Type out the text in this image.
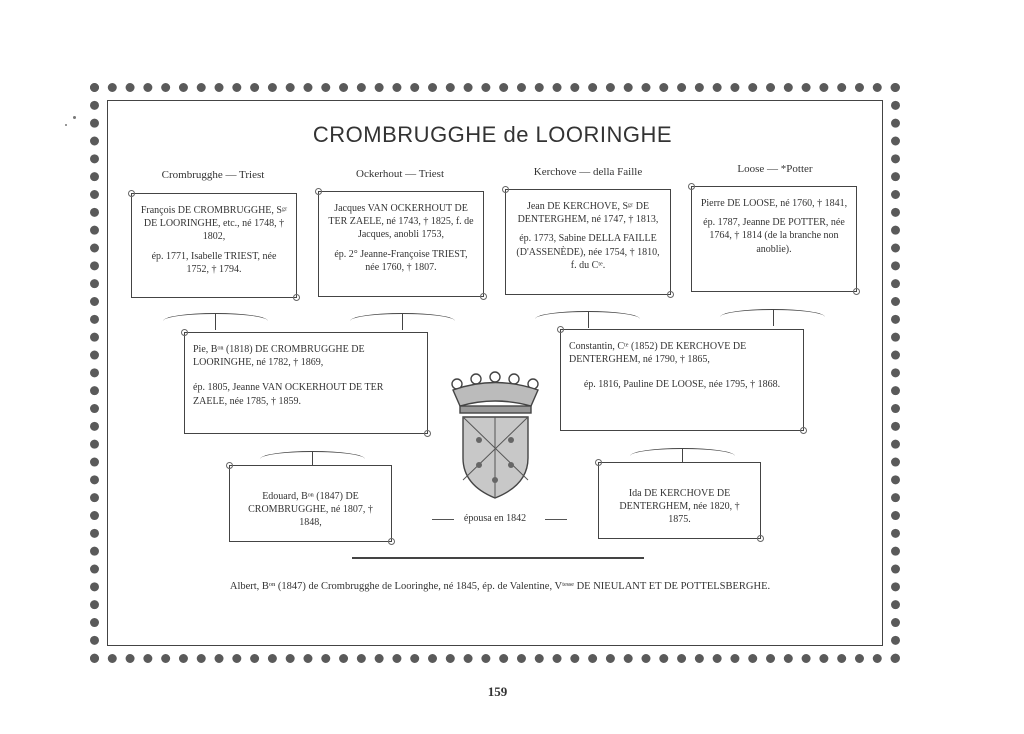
CROMBRUGGHE de LOORINGHE
Crombrugghe — Triest	Ockerhout — Triest	Kerchove — della Faille	Loose — *Potter

François DE CROMBRUGGHE, Sᵍʳ DE LOORINGHE, etc., né 1748, † 1802,

ép. 1771, Isabelle TRIEST, née 1752, † 1794.

Jacques VAN OCKERHOUT DE TER ZAELE, né 1743, † 1825, f. de Jacques, anobli 1753,

ép. 2° Jeanne-Françoise TRIEST, née 1760, † 1807.

Jean DE KERCHOVE, Sᵍʳ DE DENTERGHEM, né 1747, † 1813,

ép. 1773, Sabine DELLA FAILLE (D'ASSENÈDE), née 1754, † 1810, f. du Cᵗᵉ.

Pierre DE LOOSE, né 1760, † 1841,

ép. 1787, Jeanne DE POTTER, née 1764, † 1814 (de la branche non anoblie).

Pie, Bᵒⁿ (1818) DE CROMBRUGGHE DE LOORINGHE, né 1782, † 1869,

ép. 1805, Jeanne VAN OCKERHOUT DE TER ZAELE, née 1785, † 1859.

Constantin, Cᵗᵉ (1852) DE KERCHOVE DE DENTERGHEM, né 1790, † 1865,

ép. 1816, Pauline DE LOOSE, née 1795, † 1868.

Edouard, Bᵒⁿ (1847) DE CROMBRUGGHE, né 1807, † 1848,

Ida DE KERCHOVE DE DENTERGHEM, née 1820, † 1875.

épousa en 1842
Albert, Bᵒⁿ (1847) de Crombrugghe de Looringhe, né 1845, ép. de Valentine, Vᵗᵉˢˢᵉ DE NIEULANT ET DE POTTELSBERGHE.
159
